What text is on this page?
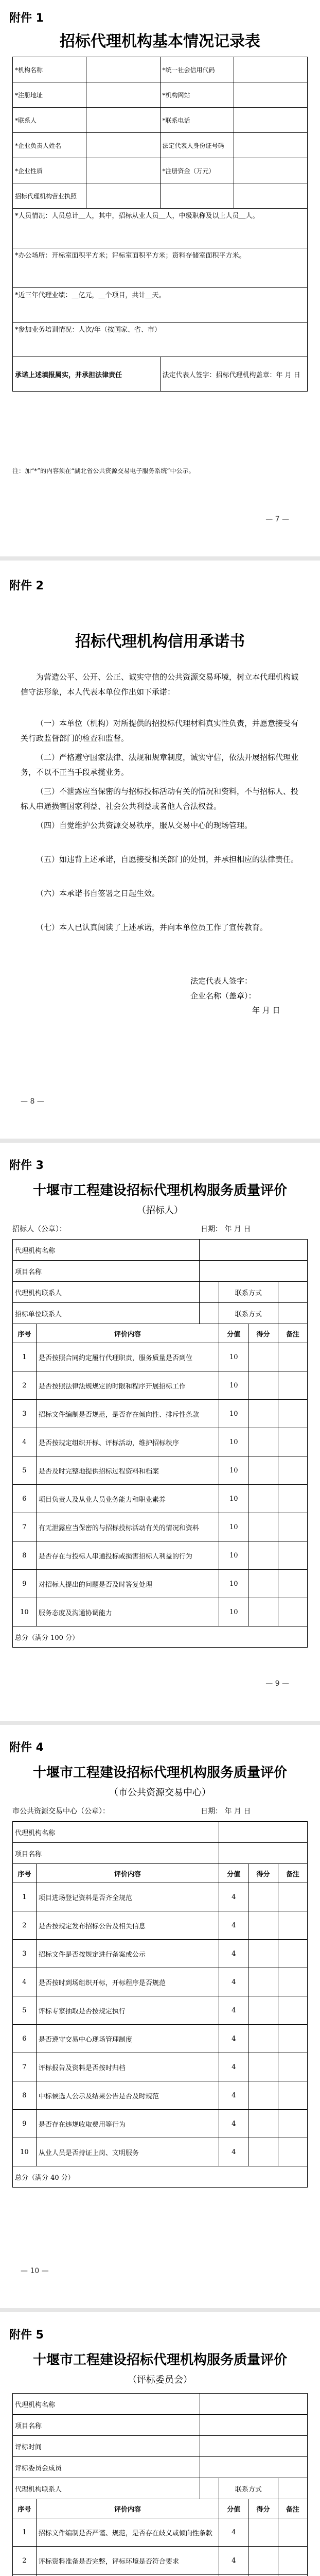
附件 1
招标代理机构基本情况记录表
*机构名称		*统一社会信用代码	
*注册地址		*机构网站	
*联系人		*联系电话	
*企业负责人姓名		法定代表人身份证号码	
*企业性质		*注册资金（万元）	
招标代理机构营业执照			
*人员情况：人员总计＿人，其中，招标从业人员＿人，中级职称及以上人员＿人。			
*办公场所：开标室面积平方米；评标室面积平方米；资料存储室面积平方米。			
*近三年代理业绩：＿亿元，＿个项目，共计＿天。			
*参加业务培训情况：人次/年（按国家、省、市）			
承诺上述填报属实，并承担法律责任		法定代表人签字：招标代理机构盖章：年 月 日	
注：加“*”的内容须在“湖北省公共资源交易电子服务系统”中公示。
— 7 —
附件 2
招标代理机构信用承诺书
为营造公平、公开、公正、诚实守信的公共资源交易环境，树立本代理机构诚信守法形象，本人代表本单位作出如下承诺：
（一）本单位（机构）对所提供的招投标代理材料真实性负责，并愿意接受有关行政监督部门的检查和监督。
（二）严格遵守国家法律、法规和规章制度，诚实守信，依法开展招标代理业务，不以不正当手段承揽业务。
（三）不泄露应当保密的与招标投标活动有关的情况和资料，不与招标人、投标人串通损害国家利益、社会公共利益或者他人合法权益。
（四）自觉维护公共资源交易秩序，服从交易中心的现场管理。
（五）如违背上述承诺，自愿接受相关部门的处罚，并承担相应的法律责任。
（六）本承诺书自签署之日起生效。
（七）本人已认真阅读了上述承诺，并向本单位员工作了宣传教育。
法定代表人签字：
企业名称（盖章）：
年 月 日
— 8 —
附件 3
十堰市工程建设招标代理机构服务质量评价
（招标人）
招标人（公章）：	日期： 年 月 日
代理机构名称					
项目名称					
代理机构联系人			联系方式		
招标单位联系人			联系方式		
序号	评价内容		分值	得分	备注
1	是否按照合同约定履行代理职责，服务质量是否到位		10		
2	是否按照法律法规规定的时限和程序开展招标工作		10		
3	招标文件编制是否规范，是否存在倾向性、排斥性条款		10		
4	是否按规定组织开标、评标活动，维护招标秩序		10		
5	是否及时完整地提供招标过程资料和档案		10		
6	项目负责人及从业人员业务能力和职业素养		10		
7	有无泄露应当保密的与招标投标活动有关的情况和资料		10		
8	是否存在与投标人串通投标或损害招标人利益的行为		10		
9	对招标人提出的问题是否及时答复处理		10		
10	服务态度及沟通协调能力		10		
总分（满分 100 分）					
— 9 —
附件 4
十堰市工程建设招标代理机构服务质量评价
（市公共资源交易中心）
市公共资源交易中心（公章）：	日期： 年 月 日
代理机构名称				
项目名称				
序号	评价内容	分值	得分	备注
1	项目进场登记资料是否齐全规范	4		
2	是否按规定发布招标公告及相关信息	4		
3	招标文件是否按规定进行备案或公示	4		
4	是否按时到场组织开标，开标程序是否规范	4		
5	评标专家抽取是否按规定执行	4		
6	是否遵守交易中心现场管理制度	4		
7	评标报告及资料是否按时归档	4		
8	中标候选人公示及结果公告是否及时规范	4		
9	是否存在违规收取费用等行为	4		
10	从业人员是否持证上岗、文明服务	4		
总分（满分 40 分）				
— 10 —
附件 5
十堰市工程建设招标代理机构服务质量评价
（评标委员会）
代理机构名称					
项目名称					
评标时间					
评标委员会成员					
代理机构联系人			联系方式		
序号	评价内容		分值	得分	备注
1	招标文件编制是否严谨、规范，是否存在歧义或倾向性条款		4		
2	评标资料准备是否完整，评标环境是否符合要求		4		
